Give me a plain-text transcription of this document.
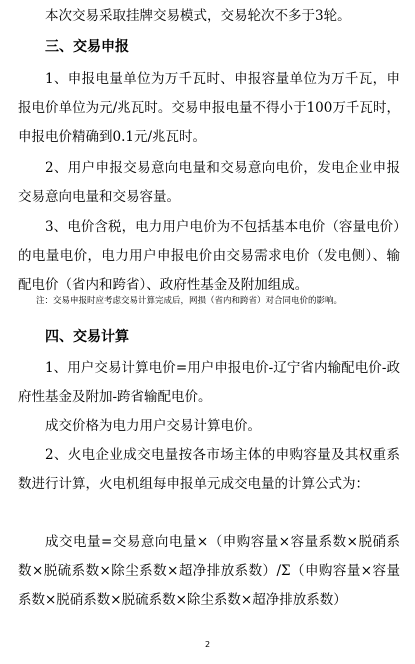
本次交易采取挂牌交易模式，交易轮次不多于3轮。

三、交易申报

1、申报电量单位为万千瓦时、申报容量单位为万千瓦，申报电价单位为元/兆瓦时。交易申报电量不得小于100万千瓦时，申报电价精确到0.1元/兆瓦时。

2、用户申报交易意向电量和交易意向电价，发电企业申报交易意向电量和交易容量。

3、电价含税，电力用户电价为不包括基本电价（容量电价）的电量电价，电力用户申报电价由交易需求电价（发电侧）、输配电价（省内和跨省）、政府性基金及附加组成。

注：交易申报时应考虑交易计算完成后，网损（省内和跨省）对合同电价的影响。

四、交易计算

1、用户交易计算电价=用户申报电价-辽宁省内输配电价-政府性基金及附加-跨省输配电价。

成交价格为电力用户交易计算电价。

2、火电企业成交电量按各市场主体的申购容量及其权重系数进行计算，火电机组每申报单元成交电量的计算公式为：

成交电量=交易意向电量×（申购容量×容量系数×脱硝系数×脱硫系数×除尘系数×超净排放系数）/Σ（申购容量×容量系数×脱硝系数×脱硫系数×除尘系数×超净排放系数）

2
